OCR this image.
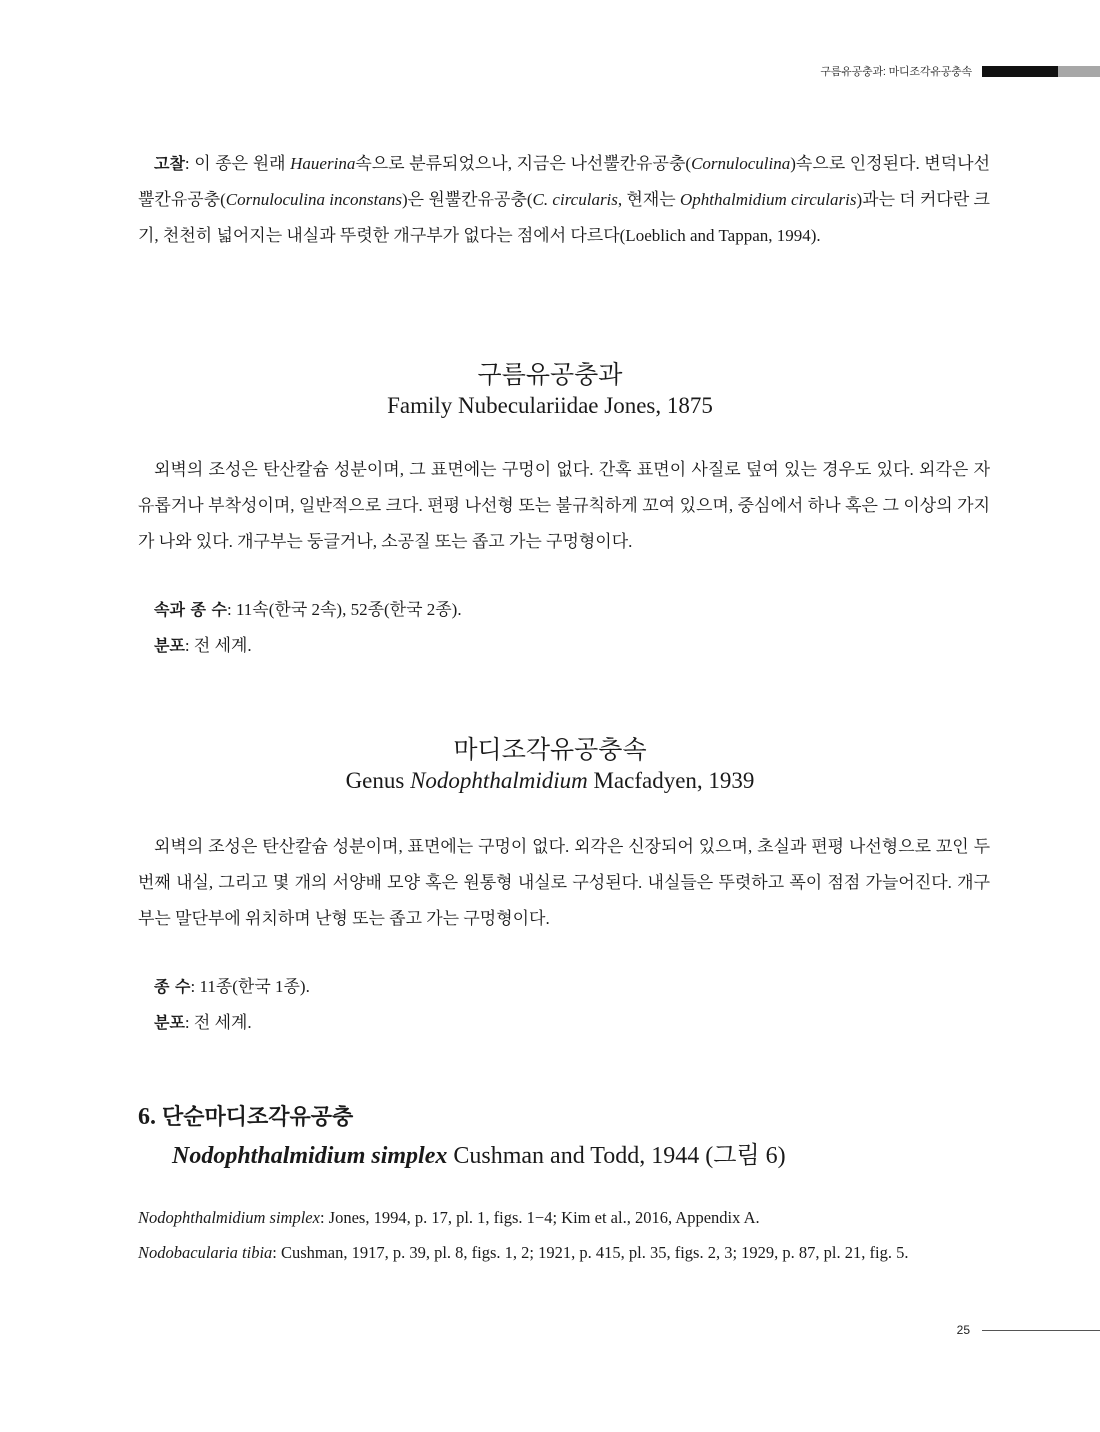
구름유공충과: 마디조각유공충속

고찰: 이 종은 원래 Hauerina속으로 분류되었으나, 지금은 나선뿔칸유공충(Cornuloculina)속으로 인정된다. 변덕나선뿔칸유공충(Cornuloculina inconstans)은 원뿔칸유공충(C. circularis, 현재는 Ophthalmidium circularis)과는 더 커다란 크기, 천천히 넓어지는 내실과 뚜렷한 개구부가 없다는 점에서 다르다(Loeblich and Tappan, 1994).

구름유공충과
Family Nubeculariidae Jones, 1875

외벽의 조성은 탄산칼슘 성분이며, 그 표면에는 구멍이 없다. 간혹 표면이 사질로 덮여 있는 경우도 있다. 외각은 자유롭거나 부착성이며, 일반적으로 크다. 편평 나선형 또는 불규칙하게 꼬여 있으며, 중심에서 하나 혹은 그 이상의 가지가 나와 있다. 개구부는 둥글거나, 소공질 또는 좁고 가는 구멍형이다.

속과 종 수: 11속(한국 2속), 52종(한국 2종).
분포: 전 세계.
마디조각유공충속
Genus Nodophthalmidium Macfadyen, 1939

외벽의 조성은 탄산칼슘 성분이며, 표면에는 구멍이 없다. 외각은 신장되어 있으며, 초실과 편평 나선형으로 꼬인 두 번째 내실, 그리고 몇 개의 서양배 모양 혹은 원통형 내실로 구성된다. 내실들은 뚜렷하고 폭이 점점 가늘어진다. 개구부는 말단부에 위치하며 난형 또는 좁고 가는 구멍형이다.

종 수: 11종(한국 1종).
분포: 전 세계.
6. 단순마디조각유공충
Nodophthalmidium simplex Cushman and Todd, 1944 (그림 6)
Nodophthalmidium simplex: Jones, 1994, p. 17, pl. 1, figs. 1−4; Kim et al., 2016, Appendix A.
Nodobacularia tibia: Cushman, 1917, p. 39, pl. 8, figs. 1, 2; 1921, p. 415, pl. 35, figs. 2, 3; 1929, p. 87, pl. 21, fig. 5.
25
